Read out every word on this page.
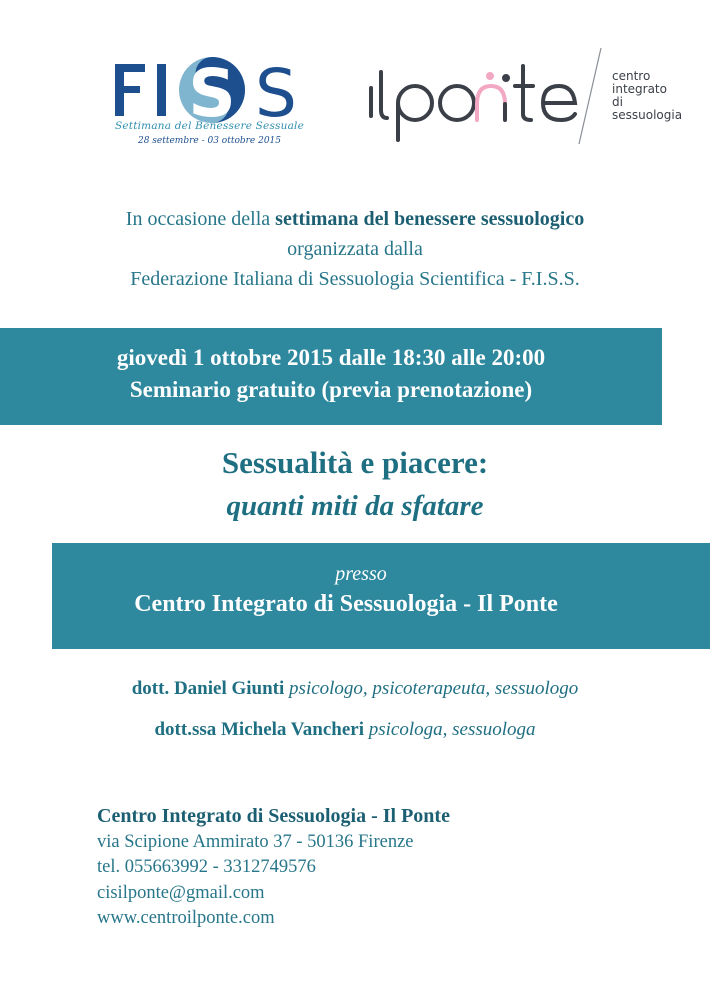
S S
Settimana del Benessere Sessuale
28 settembre - 03 ottobre 2015
centro
integrato
di sessuologia
In occasione della settimana del benessere sessuologico
organizzata dalla
Federazione Italiana di Sessuologia Scientifica - F.I.S.S.
giovedì 1 ottobre 2015 dalle 18:30 alle 20:00
Seminario gratuito (previa prenotazione)
Sessualità e piacere:
quanti miti da sfatare
presso
Centro Integrato di Sessuologia - Il Ponte
dott. Daniel Giunti psicologo, psicoterapeuta, sessuologo
dott.ssa Michela Vancheri psicologa, sessuologa
Centro Integrato di Sessuologia - Il Ponte
via Scipione Ammirato 37 - 50136 Firenze
tel. 055663992 - 3312749576
cisilponte@gmail.com
www.centroilponte.com
